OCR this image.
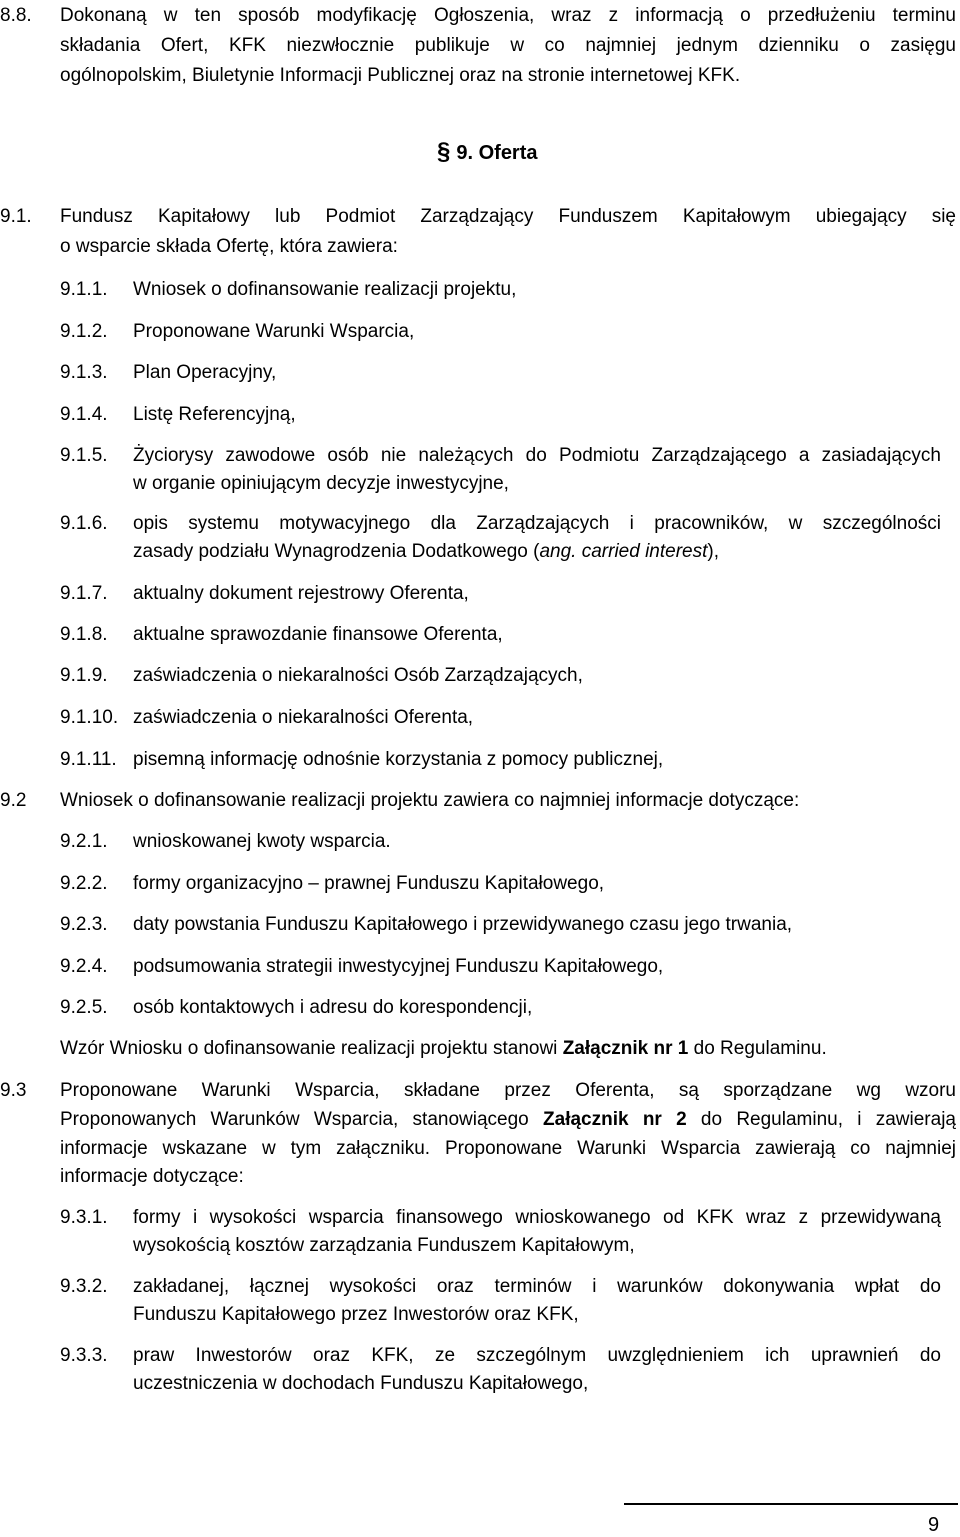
8.8. Dokonaną w ten sposób modyfikację Ogłoszenia, wraz z informacją o przedłużeniu terminu
składania Ofert, KFK niezwłocznie publikuje w co najmniej jednym dzienniku o zasięgu
ogólnopolskim, Biuletynie Informacji Publicznej oraz na stronie internetowej KFK.
§ 9. Oferta
9.1. Fundusz Kapitałowy lub Podmiot Zarządzający Funduszem Kapitałowym ubiegający się
o wsparcie składa Ofertę, która zawiera:
9.1.1. Wniosek o dofinansowanie realizacji projektu,
9.1.2. Proponowane Warunki Wsparcia,
9.1.3. Plan Operacyjny,
9.1.4. Listę Referencyjną,
9.1.5. Życiorysy zawodowe osób nie należących do Podmiotu Zarządzającego a zasiadających
w organie opiniującym decyzje inwestycyjne,
9.1.6. opis systemu motywacyjnego dla Zarządzających i pracowników, w szczególności
zasady podziału Wynagrodzenia Dodatkowego (ang. carried interest),
9.1.7. aktualny dokument rejestrowy Oferenta,
9.1.8. aktualne sprawozdanie finansowe Oferenta,
9.1.9. zaświadczenia o niekaralności Osób Zarządzających,
9.1.10. zaświadczenia o niekaralności Oferenta,
9.1.11. pisemną informację odnośnie korzystania z pomocy publicznej,
9.2 Wniosek o dofinansowanie realizacji projektu zawiera co najmniej informacje dotyczące:
9.2.1. wnioskowanej kwoty wsparcia.
9.2.2. formy organizacyjno – prawnej Funduszu Kapitałowego,
9.2.3. daty powstania Funduszu Kapitałowego i przewidywanego czasu jego trwania,
9.2.4. podsumowania strategii inwestycyjnej Funduszu Kapitałowego,
9.2.5. osób kontaktowych i adresu do korespondencji,
Wzór Wniosku o dofinansowanie realizacji projektu stanowi Załącznik nr 1 do Regulaminu.
9.3 Proponowane Warunki Wsparcia, składane przez Oferenta, są sporządzane wg wzoru
Proponowanych Warunków Wsparcia, stanowiącego Załącznik nr 2 do Regulaminu, i zawierają
informacje wskazane w tym załączniku. Proponowane Warunki Wsparcia zawierają co najmniej
informacje dotyczące:
9.3.1. formy i wysokości wsparcia finansowego wnioskowanego od KFK wraz z przewidywaną
wysokością kosztów zarządzania Funduszem Kapitałowym,
9.3.2. zakładanej, łącznej wysokości oraz terminów i warunków dokonywania wpłat do
Funduszu Kapitałowego przez Inwestorów oraz KFK,
9.3.3. praw Inwestorów oraz KFK, ze szczególnym uwzględnieniem ich uprawnień do
uczestniczenia w dochodach Funduszu Kapitałowego,
9
